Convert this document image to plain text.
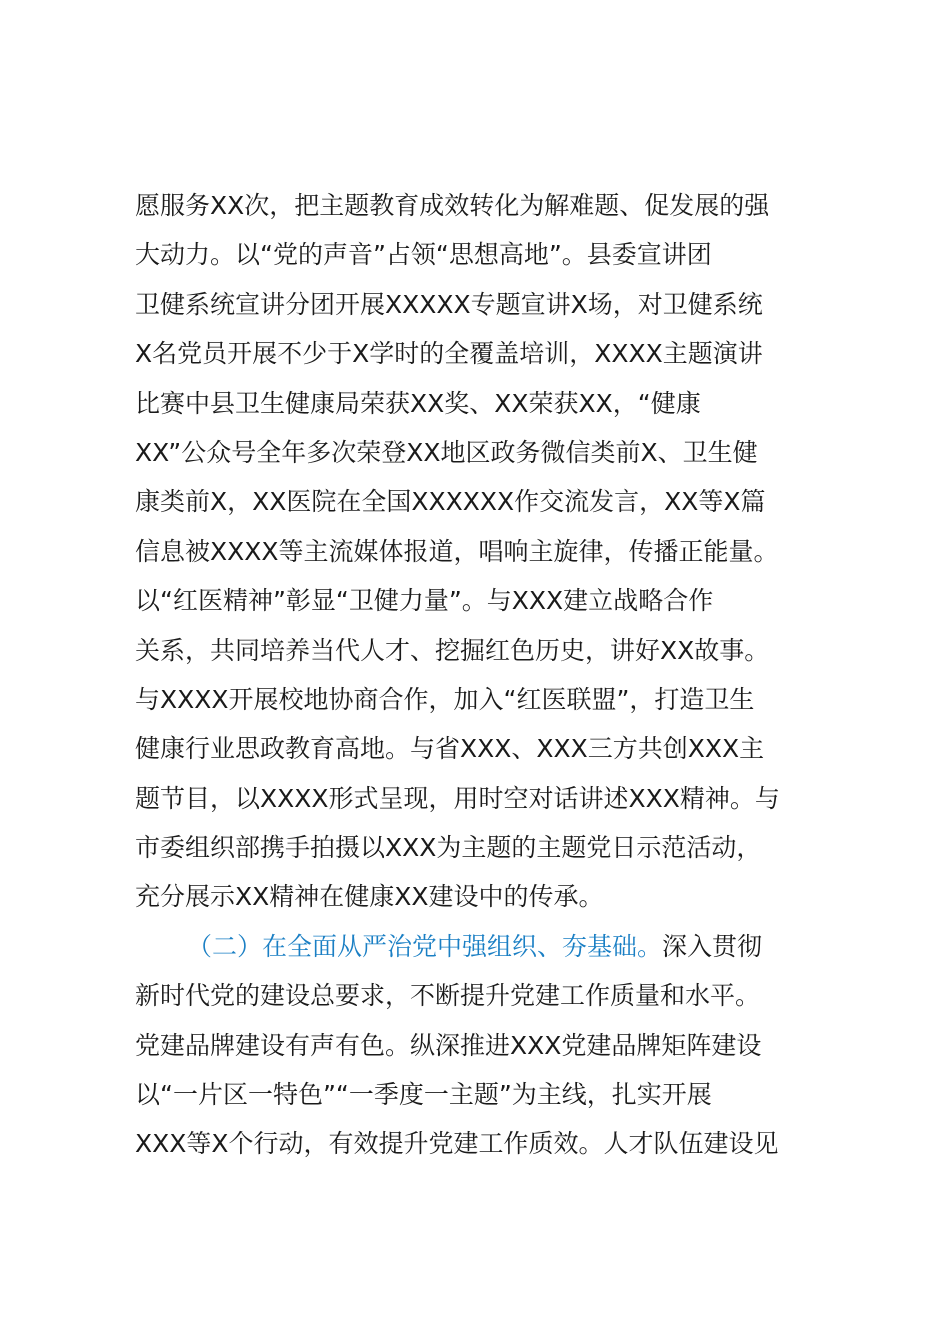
愿服务XX次，把主题教育成效转化为解难题、促发展的强
大动力。以“党的声音”占领“思想高地”。县委宣讲团
卫健系统宣讲分团开展XXXXX专题宣讲X场，对卫健系统
X名党员开展不少于X学时的全覆盖培训，XXXX主题演讲
比赛中县卫生健康局荣获XX奖、XX荣获XX，“健康
XX”公众号全年多次荣登XX地区政务微信类前X、卫生健
康类前X，XX医院在全国XXXXXX作交流发言，XX等X篇
信息被XXXX等主流媒体报道，唱响主旋律，传播正能量。
以“红医精神”彰显“卫健力量”。与XXX建立战略合作
关系，共同培养当代人才、挖掘红色历史，讲好XX故事。
与XXXX开展校地协商合作，加入“红医联盟”，打造卫生
健康行业思政教育高地。与省XXX、XXX三方共创XXX主
题节目，以XXXX形式呈现，用时空对话讲述XXX精神。与
市委组织部携手拍摄以XXX为主题的主题党日示范活动，
充分展示XX精神在健康XX建设中的传承。
（二）在全面从严治党中强组织、夯基础。深入贯彻
新时代党的建设总要求，不断提升党建工作质量和水平。
党建品牌建设有声有色。纵深推进XXX党建品牌矩阵建设
以“一片区一特色”“一季度一主题”为主线，扎实开展
XXX等X个行动，有效提升党建工作质效。人才队伍建设见
